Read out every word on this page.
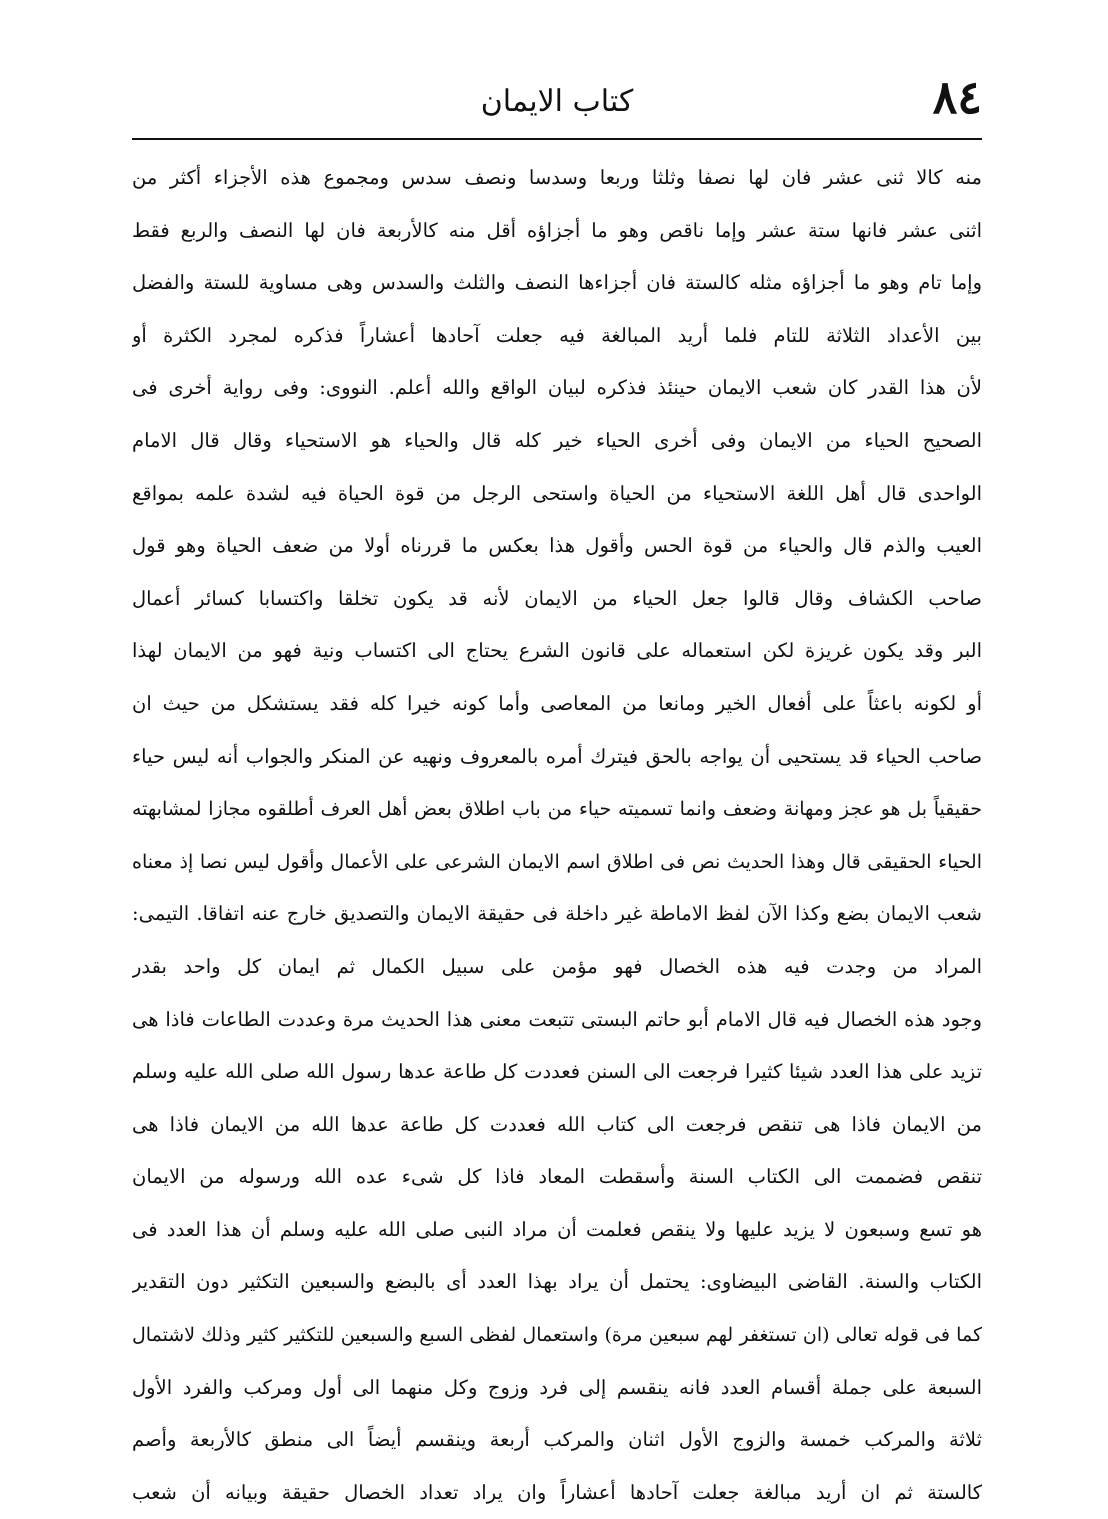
٨٤
كتاب الايمان
منه كالا ثنى عشر فان لها نصفا وثلثا وربعا وسدسا ونصف سدس ومجموع هذه الأجزاء أكثر من
اثنى عشر فانها ستة عشر وإما ناقص وهو ما أجزاؤه أقل منه كالأربعة فان لها النصف والربع فقط
وإما تام وهو ما أجزاؤه مثله كالستة فان أجزاءها النصف والثلث والسدس وهى مساوية للستة والفضل
بين الأعداد الثلاثة للتام فلما أريد المبالغة فيه جعلت آحادها أعشاراً فذكره لمجرد الكثرة أو
لأن هذا القدر كان شعب الايمان حينئذ فذكره لبيان الواقع والله أعلم. النووى: وفى رواية أخرى فى
الصحيح الحياء من الايمان وفى أخرى الحياء خير كله قال والحياء هو الاستحياء وقال قال الامام
الواحدى قال أهل اللغة الاستحياء من الحياة واستحى الرجل من قوة الحياة فيه لشدة علمه بمواقع
العيب والذم قال والحياء من قوة الحس وأقول هذا بعكس ما قررناه أولا من ضعف الحياة وهو قول
صاحب الكشاف وقال قالوا جعل الحياء من الايمان لأنه قد يكون تخلقا واكتسابا كسائر أعمال
البر وقد يكون غريزة لكن استعماله على قانون الشرع يحتاج الى اكتساب ونية فهو من الايمان لهذا
أو لكونه باعثاً على أفعال الخير ومانعا من المعاصى وأما كونه خيرا كله فقد يستشكل من حيث ان
صاحب الحياء قد يستحيى أن يواجه بالحق فيترك أمره بالمعروف ونهيه عن المنكر والجواب أنه ليس حياء
حقيقياً بل هو عجز ومهانة وضعف وانما تسميته حياء من باب اطلاق بعض أهل العرف أطلقوه مجازا لمشابهته
الحياء الحقيقى قال وهذا الحديث نص فى اطلاق اسم الايمان الشرعى على الأعمال وأقول ليس نصا إذ معناه
شعب الايمان بضع وكذا الآن لفظ الاماطة غير داخلة فى حقيقة الايمان والتصديق خارج عنه اتفاقا. التيمى:
المراد من وجدت فيه هذه الخصال فهو مؤمن على سبيل الكمال ثم ايمان كل واحد بقدر
وجود هذه الخصال فيه قال الامام أبو حاتم البستى تتبعت معنى هذا الحديث مرة وعددت الطاعات فاذا هى
تزيد على هذا العدد شيئا كثيرا فرجعت الى السنن فعددت كل طاعة عدها رسول الله صلى الله عليه وسلم
من الايمان فاذا هى تنقص فرجعت الى كتاب الله فعددت كل طاعة عدها الله من الايمان فاذا هى
تنقص فضممت الى الكتاب السنة وأسقطت المعاد فاذا كل شىء عده الله ورسوله من الايمان
هو تسع وسبعون لا يزيد عليها ولا ينقص فعلمت أن مراد النبى صلى الله عليه وسلم أن هذا العدد فى
الكتاب والسنة. القاضى البيضاوى: يحتمل أن يراد بهذا العدد أى بالبضع والسبعين التكثير دون التقدير
كما فى قوله تعالى (ان تستغفر لهم سبعين مرة) واستعمال لفظى السبع والسبعين للتكثير كثير وذلك لاشتمال
السبعة على جملة أقسام العدد فانه ينقسم إلى فرد وزوج وكل منهما الى أول ومركب والفرد الأول
ثلاثة والمركب خمسة والزوج الأول اثنان والمركب أربعة وينقسم أيضاً الى منطق كالأربعة وأصم
كالستة ثم ان أريد مبالغة جعلت آحادها أعشاراً وان يراد تعداد الخصال حقيقة وبيانه أن شعب
